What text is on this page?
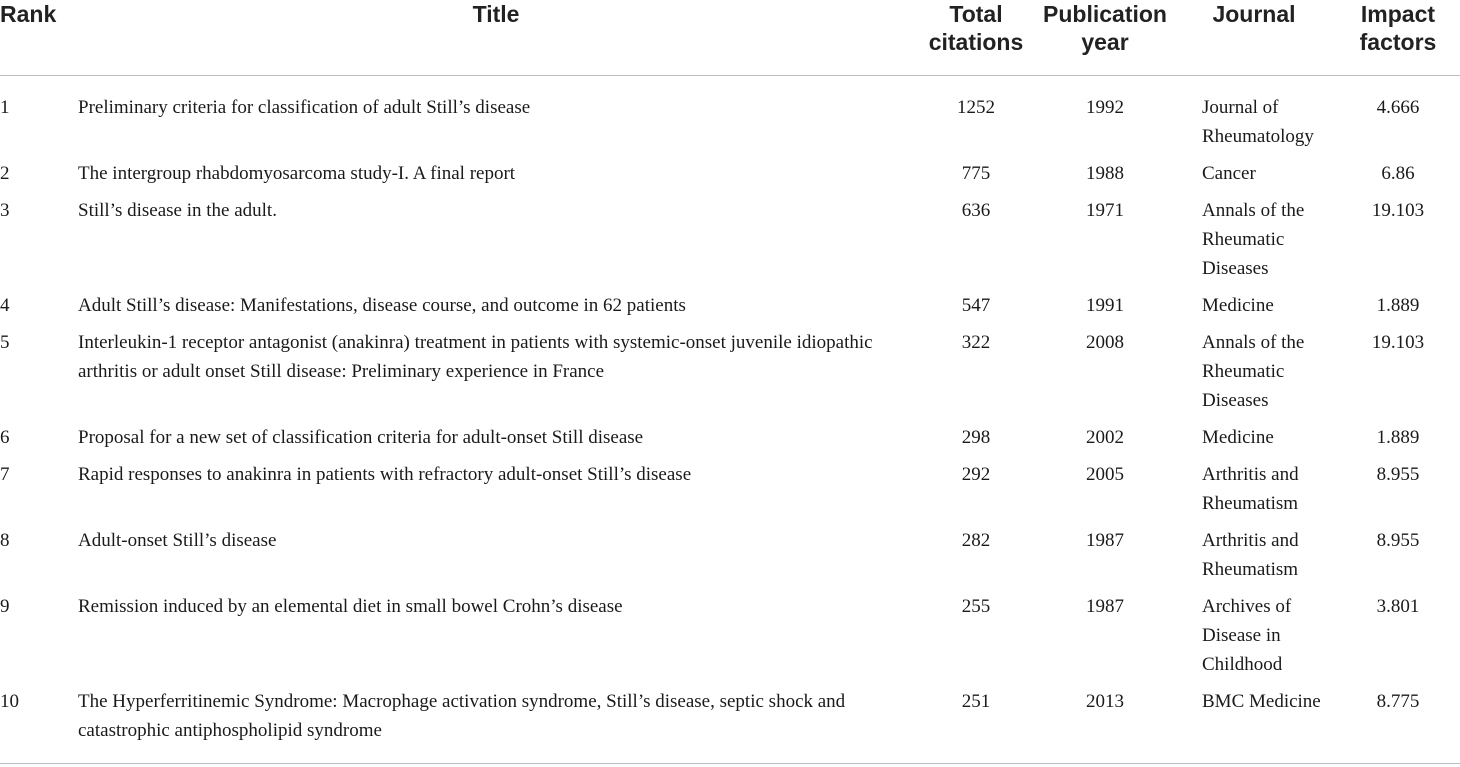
Rank	Title	Total citations	Publication year	Journal	Impact factors
1	Preliminary criteria for classification of adult Still’s disease	1252	1992	Journal of Rheumatology	4.666
2	The intergroup rhabdomyosarcoma study-I. A final report	775	1988	Cancer	6.86
3	Still’s disease in the adult.	636	1971	Annals of the Rheumatic Diseases	19.103
4	Adult Still’s disease: Manifestations, disease course, and outcome in 62 patients	547	1991	Medicine	1.889
5	Interleukin-1 receptor antagonist (anakinra) treatment in patients with systemic-onset juvenile idiopathic arthritis or adult onset Still disease: Preliminary experience in France	322	2008	Annals of the Rheumatic Diseases	19.103
6	Proposal for a new set of classification criteria for adult-onset Still disease	298	2002	Medicine	1.889
7	Rapid responses to anakinra in patients with refractory adult-onset Still’s disease	292	2005	Arthritis and Rheumatism	8.955
8	Adult-onset Still’s disease	282	1987	Arthritis and Rheumatism	8.955
9	Remission induced by an elemental diet in small bowel Crohn’s disease	255	1987	Archives of Disease in Childhood	3.801
10	The Hyperferritinemic Syndrome: Macrophage activation syndrome, Still’s disease, septic shock and catastrophic antiphospholipid syndrome	251	2013	BMC Medicine	8.775
